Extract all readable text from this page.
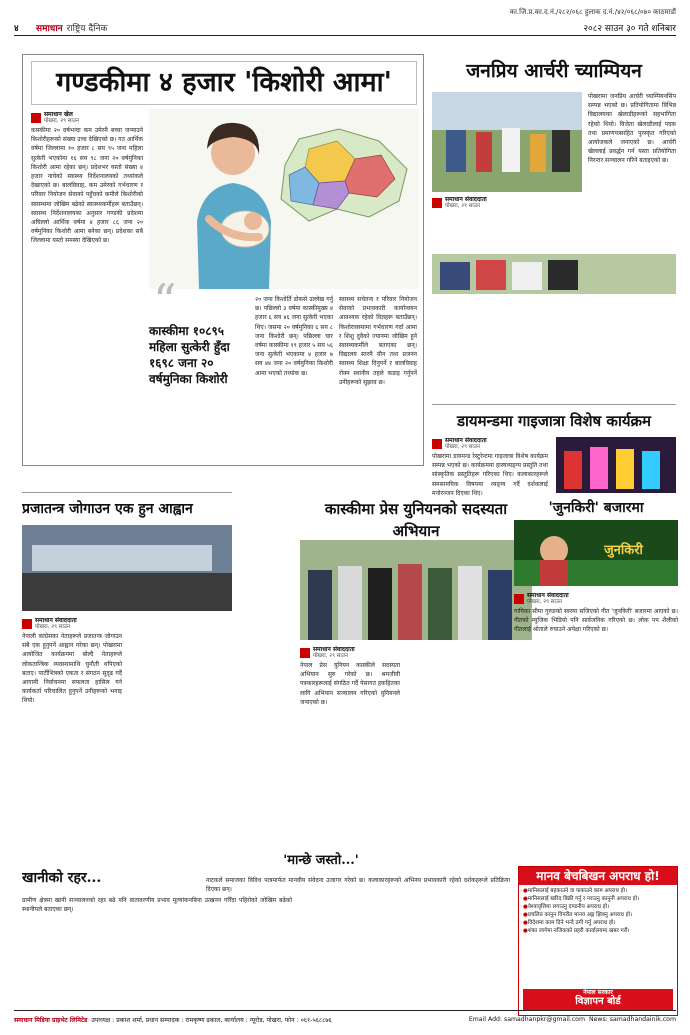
का.जि.प्र.का.द.नं./२८२/०६८ हुलाक द.नं./४२/०६८/०७० काठमाडौं
४	समाधान राष्ट्रिय दैनिक	२०८२ साउन ३० गते शनिबार
गण्डकीमा ४ हजार 'किशोरी आमा'
समाधान खेल
पोखरा, २९ साउन
कास्कीमा २० वर्षभन्दा कम उमेरमै बच्चा जन्माउने किशोरीहरूको संख्या उच्च देखिएको छ। गत आर्थिक वर्षमा जिल्लामा १० हजार ८ सय ९५ जना महिला सुत्केरी भएकोमा १६ सय ९८ जना २० वर्षमुनिका किशोरी आमा रहेका छन्। प्रदेशभर यस्तो संख्या ४ हजार नाघेको स्वास्थ्य निर्देशनालयको तथ्यांकले देखाएको छ। बालविवाह, कम उमेरको गर्भधारण र परिवार नियोजन सेवाको पहुँचको कमीले किशोरीको स्वास्थ्यमा जोखिम बढेको स्वास्थ्यकर्मीहरू बताउँछन्। स्वास्थ्य निर्देशनालयका अनुसार गण्डकी प्रदेशमा अघिल्लो आर्थिक वर्षमा ४ हजार ८६ जना २० वर्षमुनिका किशोरी आमा बनेका छन्। प्रदेशका सबै जिल्लामा यस्तो समस्या देखिएको छ।
“
कास्कीमा १०८९५ महिला सुत्केरी हुँदा १६९८ जना २० वर्षमुनिका किशोरी
२० जना किशोर्ति डोकसे उल्लेख गर्नु छ। पछिल्लो ३ वर्षमा कास्कीमुख्य ४ हजार ६ सय ४६ जना सुत्केरी भएका थिए। जसमा २० वर्षमुनिका ६ सय ८ जना किशोरी छन्। पछिल्ला चार वर्षमा कास्कीमा १९ हजार ५ सय ५६ जना सुत्केरी भएकामा ४ हजार ७ सय ४४ जना २० वर्षमुनिका किशोरी आमा भएको तथ्यांक छ।
स्वास्थ्य सचेतना र परिवार नियोजन सेवाको प्रभावकारी कार्यान्वयन आवश्यक रहेको विज्ञहरू बताउँछन्। किशोरावस्थामा गर्भधारण गर्दा आमा र शिशु दुवैको ज्यानमा जोखिम हुने स्वास्थ्यकर्मीले बताएका छन्। विद्यालय स्तरमै यौन तथा प्रजनन स्वास्थ्य शिक्षा दिनुपर्ने र बालविवाह रोक्न स्थानीय तहले कडाइ गर्नुपर्ने उनीहरूको सुझाव छ।
जनप्रिय आर्चरी च्याम्पियन
पोखरामा जनप्रिय आर्चरी च्याम्पियनसिप सम्पन्न भएको छ। प्रतियोगितामा विभिन्न विद्यालयका खेलाडीहरूको सहभागिता रहेको थियो। विजेता खेलाडीलाई पदक तथा प्रमाणपत्रसहित पुरस्कृत गरिएको आयोजकले जनाएको छ। आर्चरी खेललाई प्रवर्द्धन गर्न यस्ता प्रतियोगिता निरन्तर सञ्चालन गरिने बताइएको छ।
समाधान संवाददाता
पोखरा, २९ साउन
डायमन्डमा गाइजात्रा विशेष कार्यक्रम
समाधान संवाददाता
पोखरा, २९ साउन
पोखरामा डायमन्ड रेस्टुरेन्टमा गाइजात्रा विशेष कार्यक्रम सम्पन्न भएको छ। कार्यक्रममा हास्यव्यङ्ग्य प्रस्तुति तथा सांस्कृतिक प्रस्तुतिहरू गरिएका थिए। कलाकारहरूले समसामयिक विषयमा व्यङ्ग्य गर्दै दर्शकलाई मनोरञ्जन दिएका थिए।
प्रजातन्त्र जोगाउन एक हुन आह्वान
समाधान संवाददाता
पोखरा, २९ साउन
नेपाली कांग्रेसका नेताहरूले प्रजातन्त्र जोगाउन सबै एक हुनुपर्ने आह्वान गरेका छन्। पोखरामा आयोजित कार्यक्रममा बोल्दै नेताहरूले लोकतान्त्रिक व्यवस्थामाथि चुनौती थपिएको बताए। पार्टीभित्रको एकता र संगठन सुदृढ गर्दै आगामी निर्वाचनमा सफलता हासिल गर्न कार्यकर्ता परिचालित हुनुपर्ने उनीहरूको भनाइ थियो।
कास्कीमा प्रेस युनियनको सदस्यता अभियान
समाधान संवाददाता
पोखरा, २९ साउन
नेपाल प्रेस युनियन कास्कीले सदस्यता अभियान सुरु गरेको छ। श्रमजीवी पत्रकारहरूलाई संगठित गर्दै पेसागत हकहितका लागि अभियान सञ्चालन गरिएको युनियनले जनाएको छ।
'जुनकिरी' बजारमा
जुनकिरी
समाधान संवाददाता
पोखरा, २९ साउन
गायिका सीमा गुरुङको स्वरमा सजिएको गीत 'जुनकिरी' बजारमा आएको छ। गीतको म्युजिक भिडियो पनि सार्वजनिक गरिएको छ। लोक पप शैलीको गीतलाई श्रोताले रुचाउने अपेक्षा गरिएको छ।
खानीको रहर...
ग्रामीण क्षेत्रमा खानी सञ्चालनको रहर बढे पनि वातावरणीय प्रभाव मूल्यांकनबिना उत्खनन गरिँदा पहिरोको जोखिम बढेको स्थानीयले बताएका छन्।
'मान्छे जस्तो...'
नाटकले समाजका विविध पात्रमार्फत मानवीय संवेदना उजागर गरेको छ। कलाकारहरूको अभिनय प्रभावकारी रहेको दर्शकहरूले प्रतिक्रिया दिएका छन्।
मानव बेचबिखन अपराध हो!
● मानिसलाई बहकाउने वा फकाउने काम अपराध हो।
● मानिसलाई खरिद बिक्री गर्नु र गराउनु कानुनी अपराध हो।
● वेश्यावृत्तिमा लगाउनु दण्डनीय अपराध हो।
● प्रचलित कानुन विपरीत मानव अङ्ग झिक्नु अपराध हो।
● विदेशमा काम दिने भन्दै ठगी गर्नु अपराध हो।
● शंका लागेमा नजिकको प्रहरी कार्यालयमा खबर गरौं।
नेपाल सरकार
विज्ञापन बोर्ड
समाधान मिडिया प्राइभेट लिमिटेड उपाध्यक्ष : प्रकाश शर्मा, प्रधान सम्पादक : रामकृष्ण ढकाल, कार्यालय : न्यूरोड, पोखरा, फोन : ०६१-५६८८७६	Email Add: samadhanpkr@gmail.com News: samadhandainik.com
